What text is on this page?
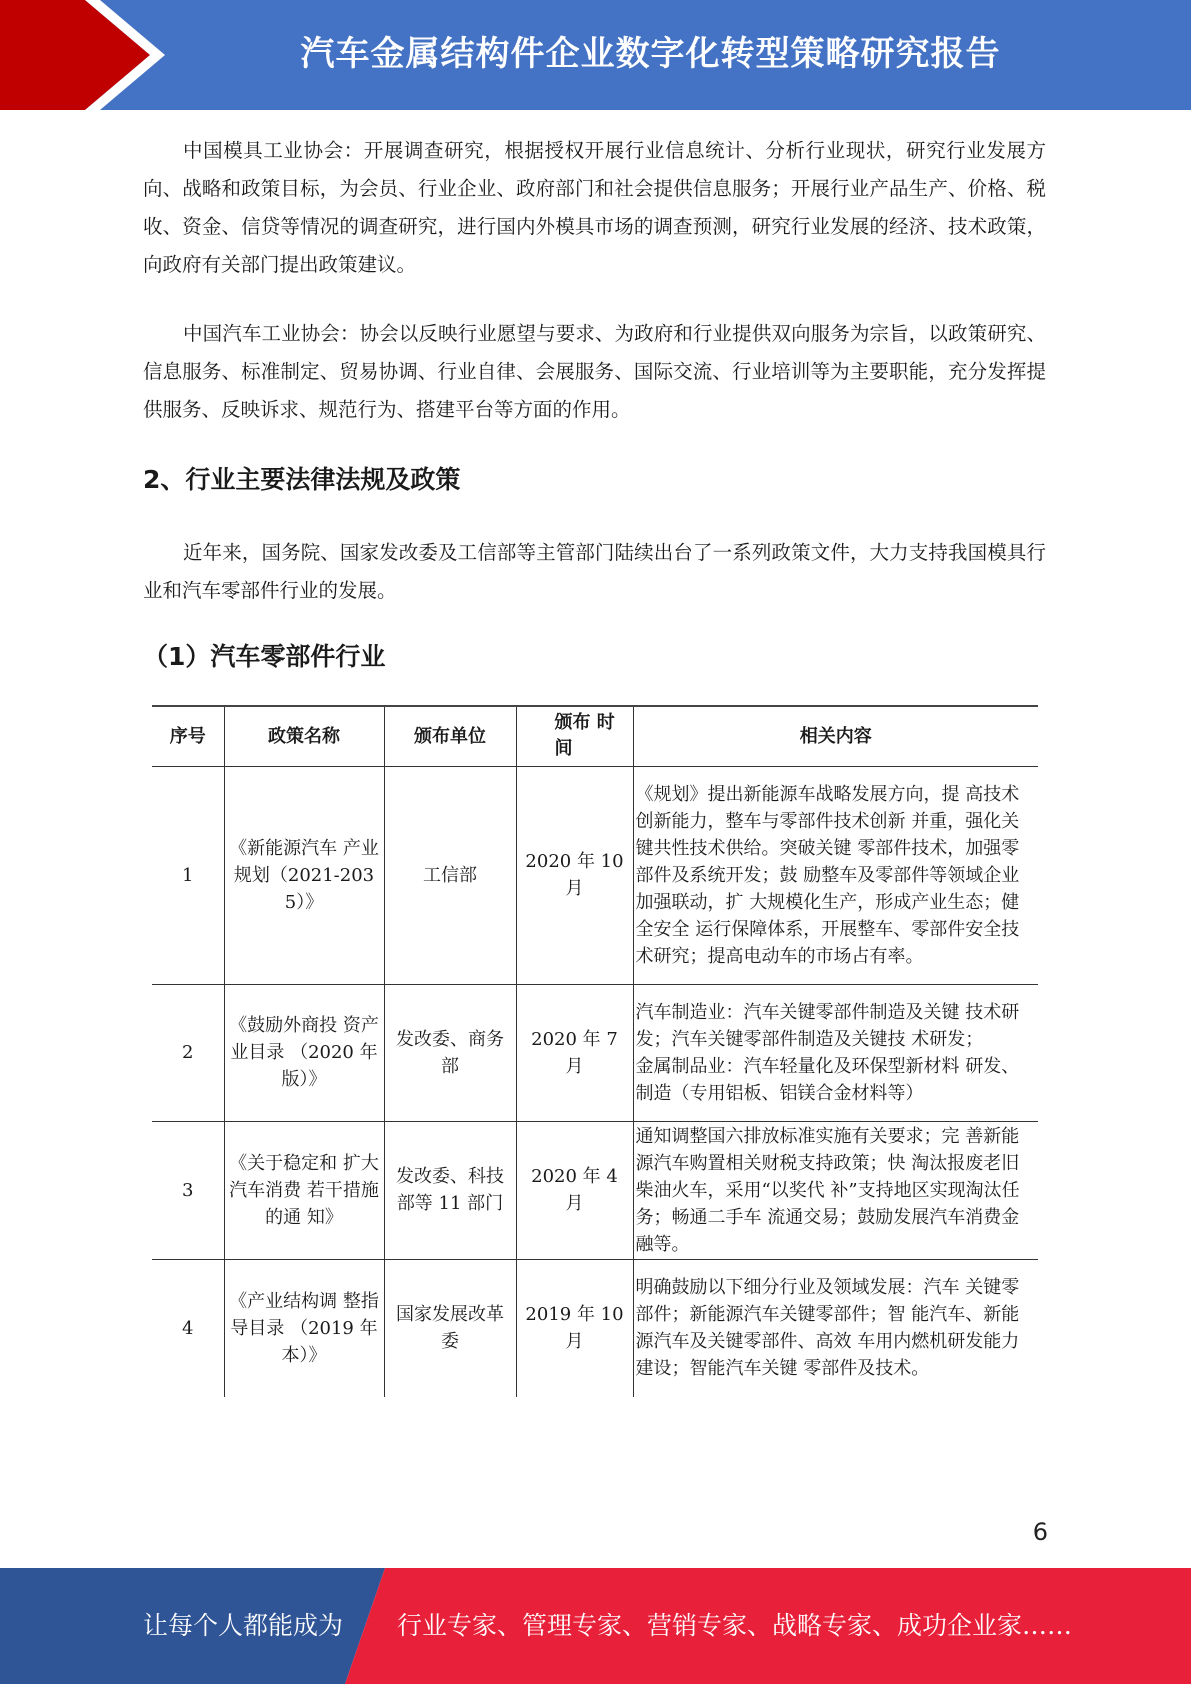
汽车金属结构件企业数字化转型策略研究报告

中国模具工业协会：开展调查研究，根据授权开展行业信息统计、分析行业现状，研究行业发展方向、战略和政策目标，为会员、行业企业、政府部门和社会提供信息服务；开展行业产品生产、价格、税收、资金、信贷等情况的调查研究，进行国内外模具市场的调查预测，研究行业发展的经济、技术政策，向政府有关部门提出政策建议。

中国汽车工业协会：协会以反映行业愿望与要求、为政府和行业提供双向服务为宗旨，以政策研究、信息服务、标准制定、贸易协调、行业自律、会展服务、国际交流、行业培训等为主要职能，充分发挥提供服务、反映诉求、规范行为、搭建平台等方面的作用。

2、行业主要法律法规及政策

近年来，国务院、国家发改委及工信部等主管部门陆续出台了一系列政策文件，大力支持我国模具行业和汽车零部件行业的发展。

（1）汽车零部件行业
序号	政策名称	颁布单位	颁布 时间	相关内容
1	《新能源汽车 产业规划（2021-2035）》	工信部	2020 年 10 月	《规划》提出新能源车战略发展方向，提 高技术创新能力，整车与零部件技术创新 并重，强化关键共性技术供给。突破关键 零部件技术，加强零部件及系统开发；鼓 励整车及零部件等领域企业加强联动，扩 大规模化生产，形成产业生态；健全安全 运行保障体系，开展整车、零部件安全技 术研究；提高电动车的市场占有率。
2	《鼓励外商投 资产业目录 （2020 年版）》	发改委、商务部	2020 年 7 月	汽车制造业：汽车关键零部件制造及关键 技术研发；汽车关键零部件制造及关键技 术研发；
金属制品业：汽车轻量化及环保型新材料 研发、制造（专用铝板、铝镁合金材料等）

3	《关于稳定和 扩大汽车消费 若干措施的通 知》	发改委、科技部等 11 部门	2020 年 4 月	通知调整国六排放标准实施有关要求；完 善新能源汽车购置相关财税支持政策；快 淘汰报废老旧柴油火车，采用“以奖代 补”支持地区实现淘汰任务；畅通二手车 流通交易；鼓励发展汽车消费金融等。
4	《产业结构调 整指导目录 （2019 年本）》	国家发展改革委	2019 年 10 月	明确鼓励以下细分行业及领域发展：汽车 关键零部件；新能源汽车关键零部件；智 能汽车、新能源汽车及关键零部件、高效 车用内燃机研发能力建设；智能汽车关键 零部件及技术。
6
让每个人都能成为 行业专家、管理专家、营销专家、战略专家、成功企业家……
